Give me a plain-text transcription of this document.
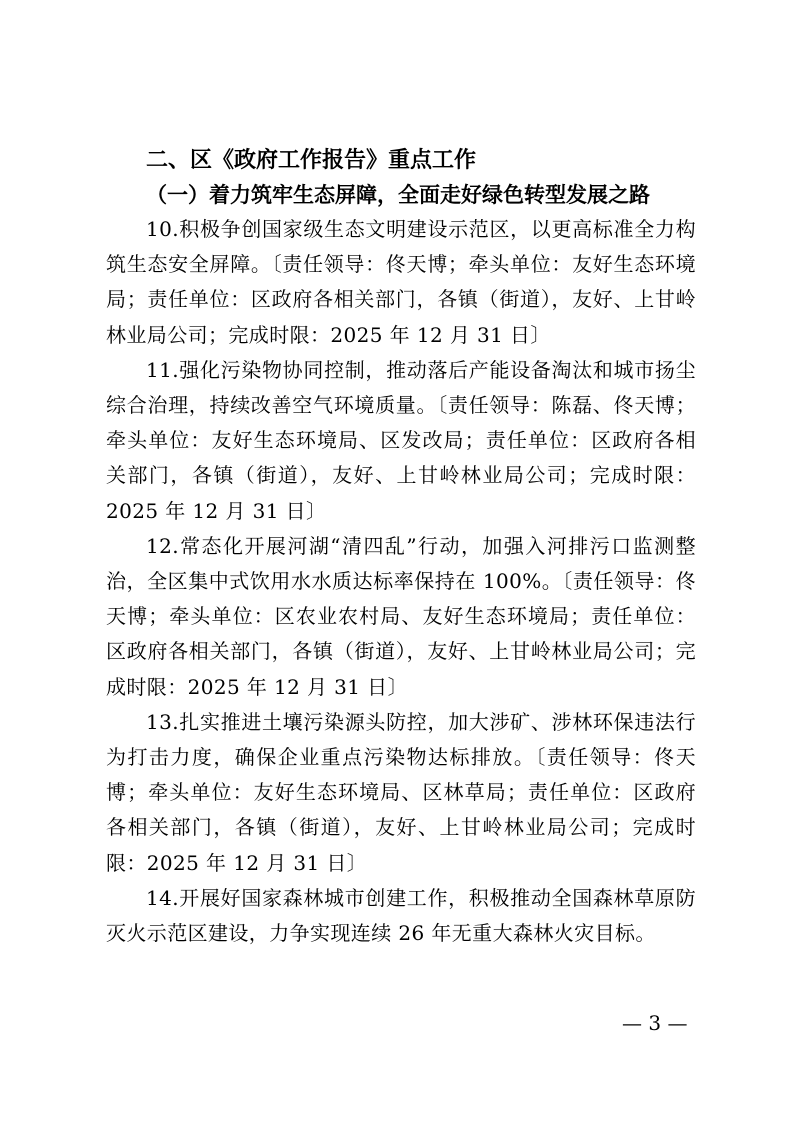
二、区《政府工作报告》重点工作
（一）着力筑牢生态屏障，全面走好绿色转型发展之路

10.积极争创国家级生态文明建设示范区，以更高标准全力构筑生态安全屏障。〔责任领导：佟天博；牵头单位：友好生态环境局；责任单位：区政府各相关部门，各镇（街道），友好、上甘岭林业局公司；完成时限：2025 年 12 月 31 日〕

11.强化污染物协同控制，推动落后产能设备淘汰和城市扬尘综合治理，持续改善空气环境质量。〔责任领导：陈磊、佟天博；牵头单位：友好生态环境局、区发改局；责任单位：区政府各相关部门，各镇（街道），友好、上甘岭林业局公司；完成时限：2025 年 12 月 31 日〕

12.常态化开展河湖“清四乱”行动，加强入河排污口监测整治，全区集中式饮用水水质达标率保持在 100%。〔责任领导：佟天博；牵头单位：区农业农村局、友好生态环境局；责任单位：区政府各相关部门，各镇（街道），友好、上甘岭林业局公司；完成时限：2025 年 12 月 31 日〕

13.扎实推进土壤污染源头防控，加大涉矿、涉林环保违法行为打击力度，确保企业重点污染物达标排放。〔责任领导：佟天博；牵头单位：友好生态环境局、区林草局；责任单位：区政府各相关部门，各镇（街道），友好、上甘岭林业局公司；完成时限：2025 年 12 月 31 日〕

14.开展好国家森林城市创建工作，积极推动全国森林草原防灭火示范区建设，力争实现连续 26 年无重大森林火灾目标。

— 3 —
